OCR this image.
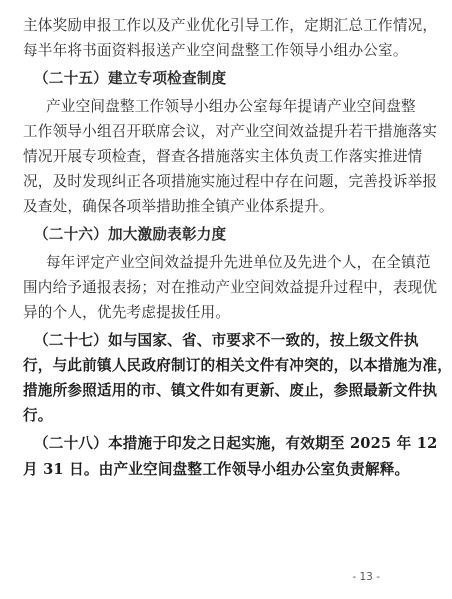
主体奖励申报工作以及产业优化引导工作，定期汇总工作情况，
每半年将书面资料报送产业空间盘整工作领导小组办公室。
（二十五）建立专项检查制度
产业空间盘整工作领导小组办公室每年提请产业空间盘整
工作领导小组召开联席会议，对产业空间效益提升若干措施落实
情况开展专项检查，督查各措施落实主体负责工作落实推进情
况，及时发现纠正各项措施实施过程中存在问题，完善投诉举报
及查处，确保各项举措助推全镇产业体系提升。
（二十六）加大激励表彰力度
每年评定产业空间效益提升先进单位及先进个人，在全镇范
围内给予通报表扬；对在推动产业空间效益提升过程中，表现优
异的个人，优先考虑提拔任用。
（二十七）如与国家、省、市要求不一致的，按上级文件执
行，与此前镇人民政府制订的相关文件有冲突的，以本措施为准，
措施所参照适用的市、镇文件如有更新、废止，参照最新文件执
行。
（二十八）本措施于印发之日起实施，有效期至 2025 年 12
月 31 日。由产业空间盘整工作领导小组办公室负责解释。
- 13 -
